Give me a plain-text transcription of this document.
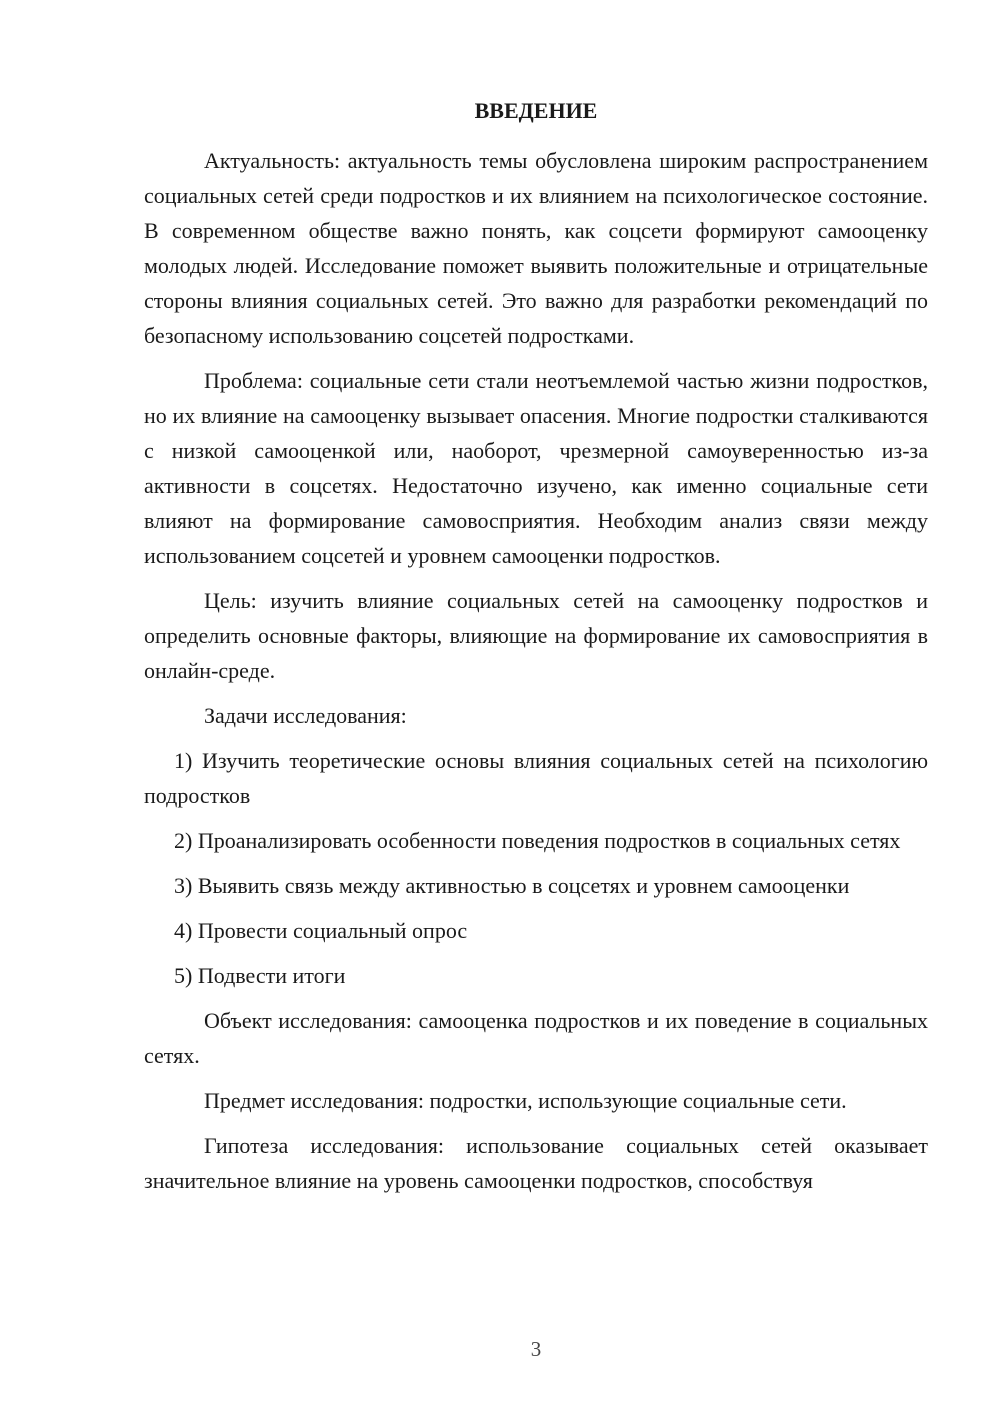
ВВЕДЕНИЕ

Актуальность: актуальность темы обусловлена широким распространением социальных сетей среди подростков и их влиянием на психологическое состояние. В современном обществе важно понять, как соцсети формируют самооценку молодых людей. Исследование поможет выявить положительные и отрицательные стороны влияния социальных сетей. Это важно для разработки рекомендаций по безопасному использованию соцсетей подростками.

Проблема: социальные сети стали неотъемлемой частью жизни подростков, но их влияние на самооценку вызывает опасения. Многие подростки сталкиваются с низкой самооценкой или, наоборот, чрезмерной самоуверенностью из-за активности в соцсетях. Недостаточно изучено, как именно социальные сети влияют на формирование самовосприятия. Необходим анализ связи между использованием соцсетей и уровнем самооценки подростков.

Цель: изучить влияние социальных сетей на самооценку подростков и определить основные факторы, влияющие на формирование их самовосприятия в онлайн-среде.

Задачи исследования:

1) Изучить теоретические основы влияния социальных сетей на психологию подростков

2) Проанализировать особенности поведения подростков в социальных сетях

3) Выявить связь между активностью в соцсетях и уровнем самооценки

4) Провести социальный опрос

5) Подвести итоги

Объект исследования: самооценка подростков и их поведение в социальных сетях.

Предмет исследования: подростки, использующие социальные сети.

Гипотеза исследования: использование социальных сетей оказывает значительное влияние на уровень самооценки подростков, способствуя

3
